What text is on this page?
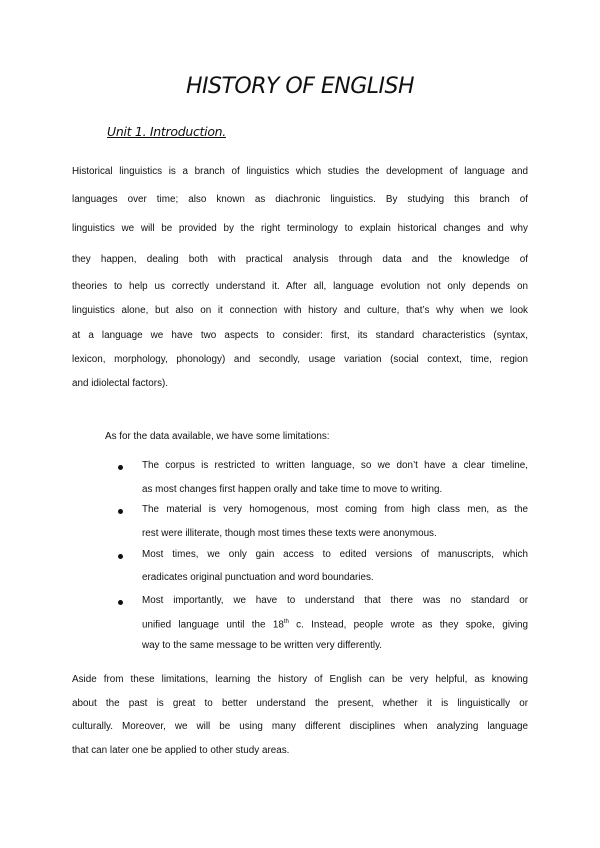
HISTORY OF ENGLISH
Unit 1. Introduction.
Historical linguistics is a branch of linguistics which studies the development of language and
languages over time; also known as diachronic linguistics. By studying this branch of
linguistics we will be provided by the right terminology to explain historical changes and why
they happen, dealing both with practical analysis through data and the knowledge of
theories to help us correctly understand it. After all, language evolution not only depends on
linguistics alone, but also on it connection with history and culture, that’s why when we look
at a language we have two aspects to consider: first, its standard characteristics (syntax,
lexicon, morphology, phonology) and secondly, usage variation (social context, time, region
and idiolectal factors).
As for the data available, we have some limitations:
The corpus is restricted to written language, so we don’t have a clear timeline,
as most changes first happen orally and take time to move to writing.
The material is very homogenous, most coming from high class men, as the
rest were illiterate, though most times these texts were anonymous.
Most times, we only gain access to edited versions of manuscripts, which
eradicates original punctuation and word boundaries.
Most importantly, we have to understand that there was no standard or
unified language until the 18th c. Instead, people wrote as they spoke, giving
way to the same message to be written very differently.
Aside from these limitations, learning the history of English can be very helpful, as knowing
about the past is great to better understand the present, whether it is linguistically or
culturally. Moreover, we will be using many different disciplines when analyzing language
that can later one be applied to other study areas.
